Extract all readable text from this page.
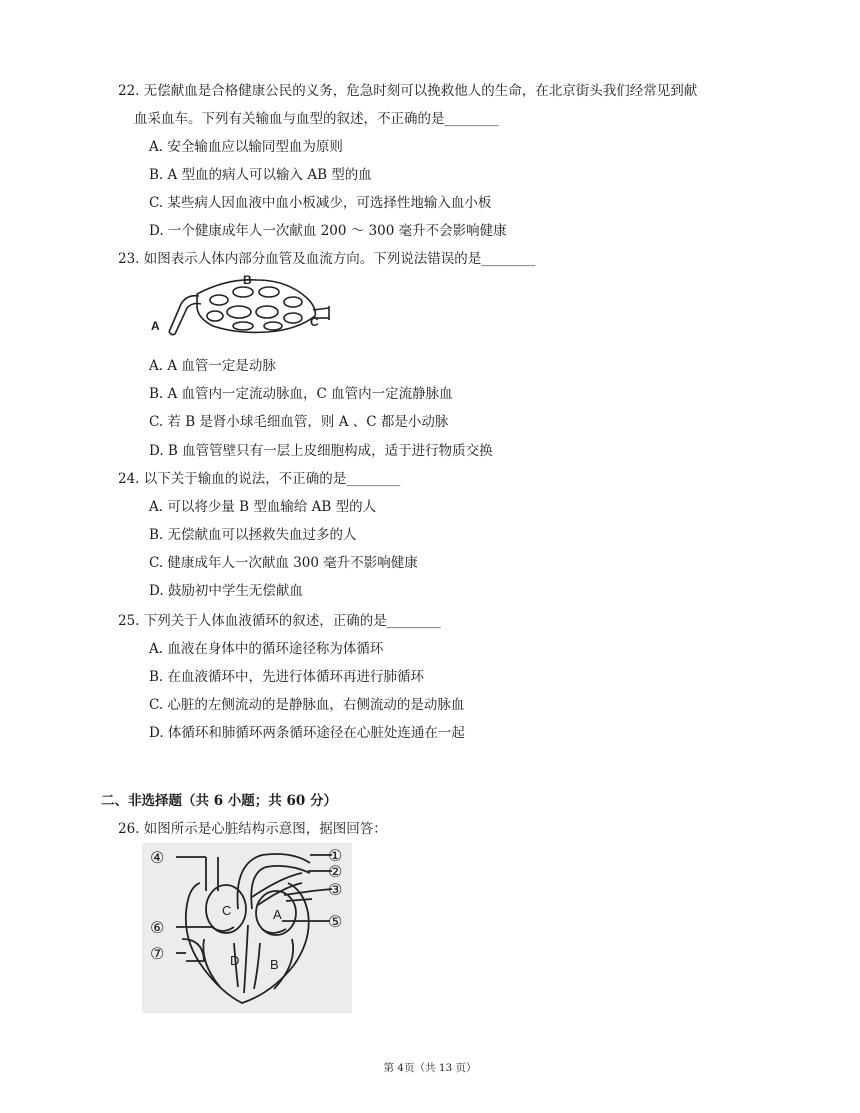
22. 无偿献血是合格健康公民的义务，危急时刻可以挽救他人的生命，在北京街头我们经常见到献
血采血车。下列有关输血与血型的叙述，不正确的是________
A. 安全输血应以输同型血为原则
B. A 型血的病人可以输入 AB 型的血
C. 某些病人因血液中血小板减少，可选择性地输入血小板
D. 一个健康成年人一次献血 200 ～ 300 毫升不会影响健康
23. 如图表示人体内部分血管及血流方向。下列说法错误的是________
A
B
C
A. A 血管一定是动脉
B. A 血管内一定流动脉血，C 血管内一定流静脉血
C. 若 B 是肾小球毛细血管，则 A 、C 都是小动脉
D. B 血管管壁只有一层上皮细胞构成，适于进行物质交换
24. 以下关于输血的说法，不正确的是________
A. 可以将少量 B 型血输给 AB 型的人
B. 无偿献血可以拯救失血过多的人
C. 健康成年人一次献血 300 毫升不影响健康
D. 鼓励初中学生无偿献血
25. 下列关于人体血液循环的叙述，正确的是________
A. 血液在身体中的循环途径称为体循环
B. 在血液循环中，先进行体循环再进行肺循环
C. 心脏的左侧流动的是静脉血，右侧流动的是动脉血
D. 体循环和肺循环两条循环途径在心脏处连通在一起
二、非选择题（共 6 小题；共 60 分）
26. 如图所示是心脏结构示意图，据图回答：
①
②
③
④
⑤
⑥
⑦
A
B
C
D
第 4页（共 13 页）
